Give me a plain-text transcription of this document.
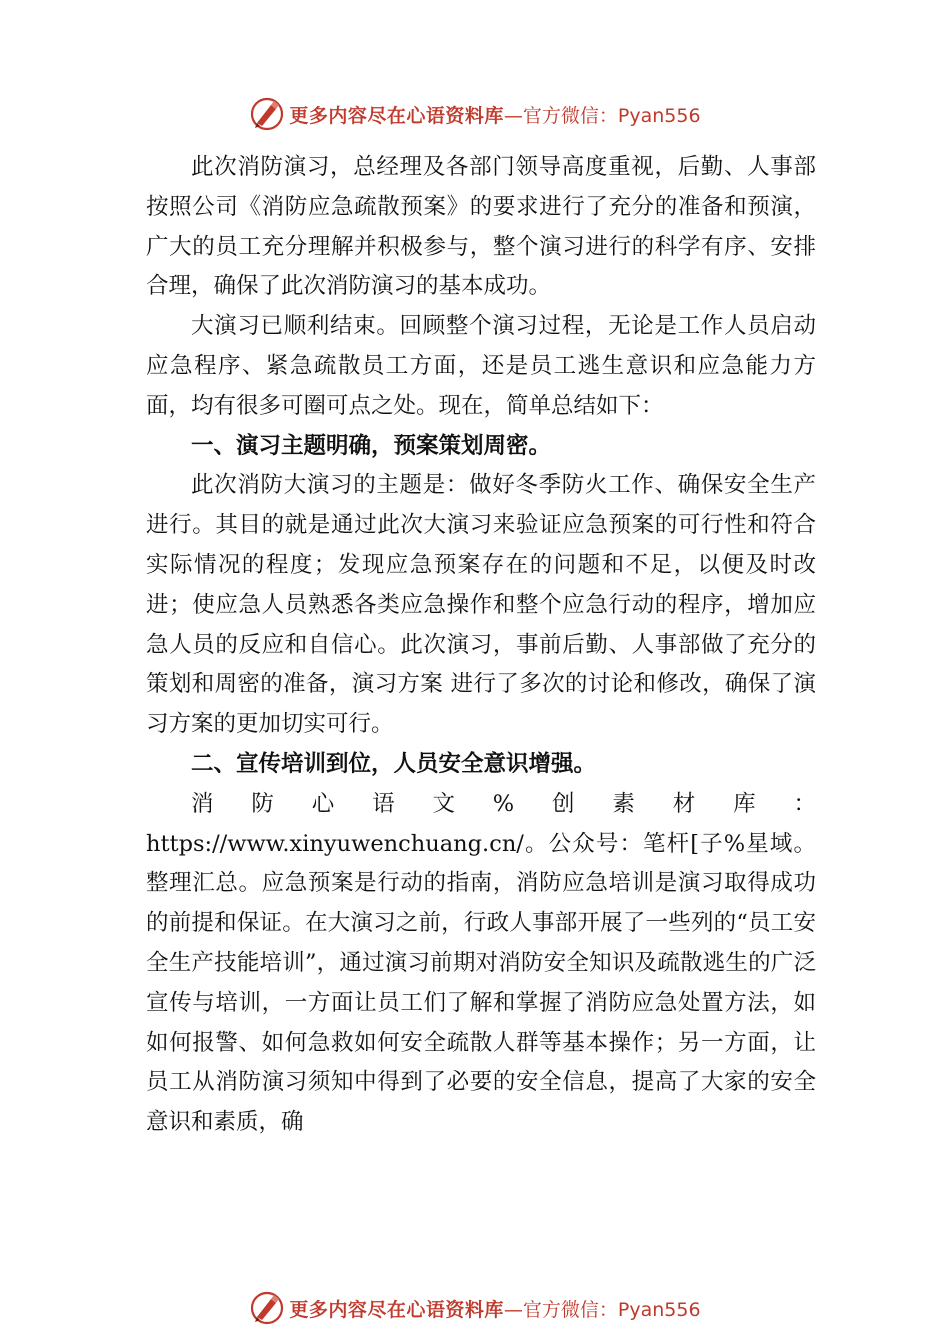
更多内容尽在心语资料库 —官方微信：Pyan556

此次消防演习，总经理及各部门领导高度重视，后勤、人事部按照公司《消防应急疏散预案》的要求进行了充分的准备和预演，广大的员工充分理解并积极参与，整个演习进行的科学有序、安排合理，确保了此次消防演习的基本成功。

大演习已顺利结束。回顾整个演习过程，无论是工作人员启动应急程序、紧急疏散员工方面，还是员工逃生意识和应急能力方面，均有很多可圈可点之处。现在，简单总结如下：

一、演习主题明确，预案策划周密。

此次消防大演习的主题是：做好冬季防火工作、确保安全生产进行。其目的就是通过此次大演习来验证应急预案的可行性和符合实际情况的程度；发现应急预案存在的问题和不足，以便及时改进；使应急人员熟悉各类应急操作和整个应急行动的程序，增加应急人员的反应和自信心。此次演习，事前后勤、人事部做了充分的策划和周密的准备，演习方案 进行了多次的讨论和修改，确保了演习方案的更加切实可行。

二、宣传培训到位，人员安全意识增强。

消防心语文%创素材库：https://www.xinyuwenchuang.cn/。公众号：笔杆[子%星域。整理汇总。应急预案是行动的指南，消防应急培训是演习取得成功的前提和保证。在大演习之前，行政人事部开展了一些列的“员工安全生产技能培训”，通过演习前期对消防安全知识及疏散逃生的广泛宣传与培训，一方面让员工们了解和掌握了消防应急处置方法，如如何报警、如何急救如何安全疏散人群等基本操作；另一方面，让员工从消防演习须知中得到了必要的安全信息，提高了大家的安全意识和素质，确

更多内容尽在心语资料库 —官方微信：Pyan556
